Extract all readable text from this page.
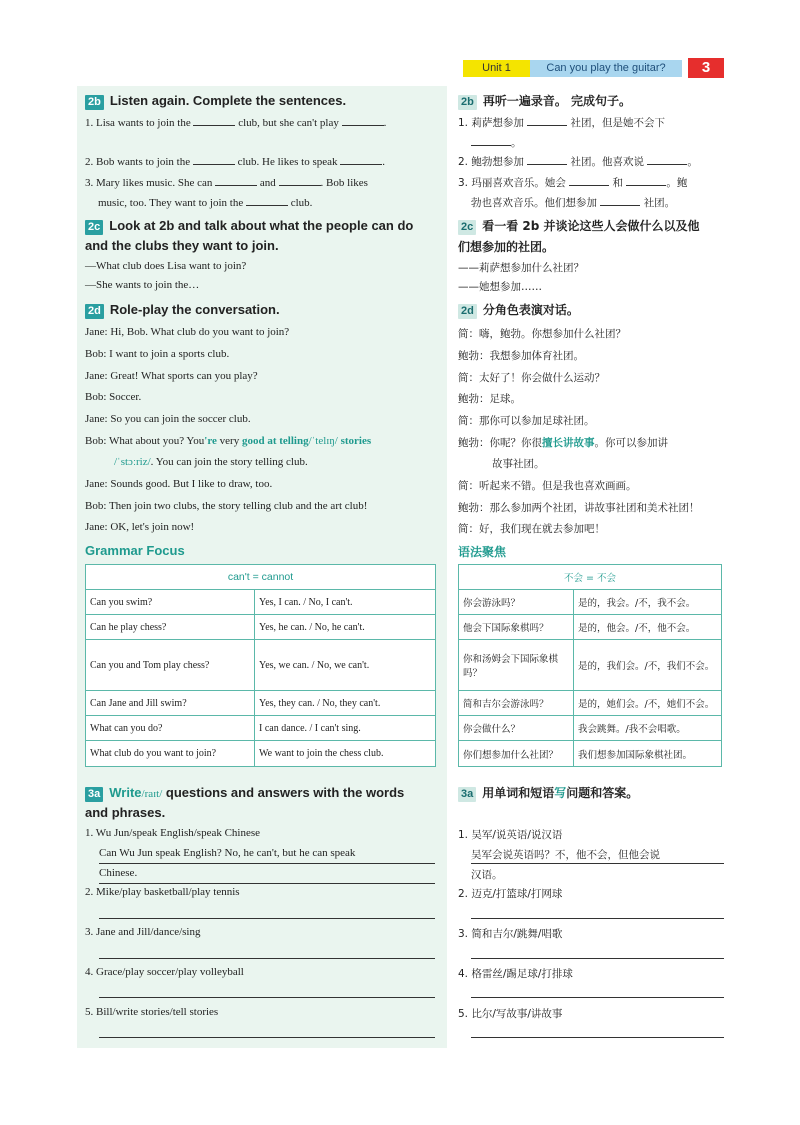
Unit 1	Can you play the guitar?	3
2b Listen again. Complete the sentences.
1. Lisa wants to join the	club, but she can't play	.
2. Bob wants to join the	club. He likes to speak	.
3. Mary likes music. She can	and	. Bob likes
music, too. They want to join the	club.
2c Look at 2b and talk about what the people can do
and the clubs they want to join.
—What club does Lisa want to join?
—She wants to join the…
2d Role-play the conversation.
Jane: Hi, Bob. What club do you want to join?
Bob: I want to join a sports club.
Jane: Great! What sports can you play?
Bob: Soccer.
Jane: So you can join the soccer club.
Bob: What about you? You're very good at telling/ˈtelɪŋ/ stories
/ˈstɔːriz/. You can join the story telling club.
Jane: Sounds good. But I like to draw, too.
Bob: Then join two clubs, the story telling club and the art club!
Jane: OK, let's join now!
Grammar Focus
can't = cannot	
Can you swim?	Yes, I can. / No, I can't.
Can he play chess?	Yes, he can. / No, he can't.
Can you and Tom play chess?	Yes, we can. / No, we can't.
Can Jane and Jill swim?	Yes, they can. / No, they can't.
What can you do?	I can dance. / I can't sing.
What club do you want to join?	We want to join the chess club.
3a Write/raɪt/ questions and answers with the words
and phrases.
1. Wu Jun/speak English/speak Chinese
Can Wu Jun speak English? No, he can't, but he can speak
Chinese.
2. Mike/play basketball/play tennis
3. Jane and Jill/dance/sing
4. Grace/play soccer/play volleyball
5. Bill/write stories/tell stories
2b 再听一遍录音。 完成句子。
1. 莉萨想参加	社团，但是她不会下
。
2. 鲍勃想参加	社团。他喜欢说	。
3. 玛丽喜欢音乐。她会	和	。鲍
勃也喜欢音乐。他们想参加	社团。
2c 看一看 2b 并谈论这些人会做什么以及他
们想参加的社团。
——莉萨想参加什么社团？
——她想参加……
2d 分角色表演对话。
简：嗨，鲍勃。你想参加什么社团？
鲍勃：我想参加体育社团。
简：太好了！你会做什么运动？
鲍勃：足球。
简：那你可以参加足球社团。
鲍勃：你呢？你很擅长讲故事。你可以参加讲
故事社团。
简：听起来不错。但是我也喜欢画画。
鲍勃：那么参加两个社团，讲故事社团和美术社团！
简：好，我们现在就去参加吧！
语法聚焦
不会 = 不会	
你会游泳吗？	是的，我会。/不，我不会。
他会下国际象棋吗？	是的，他会。/不，他不会。
你和汤姆会下国际象棋吗？	是的，我们会。/不，我们不会。
简和吉尔会游泳吗？	是的，她们会。/不，她们不会。
你会做什么？	我会跳舞。/我不会唱歌。
你们想参加什么社团？	我们想参加国际象棋社团。
3a 用单词和短语写问题和答案。
1. 吴军/说英语/说汉语
吴军会说英语吗？不，他不会，但他会说
汉语。
2. 迈克/打篮球/打网球
3. 简和吉尔/跳舞/唱歌
4. 格雷丝/踢足球/打排球
5. 比尔/写故事/讲故事
